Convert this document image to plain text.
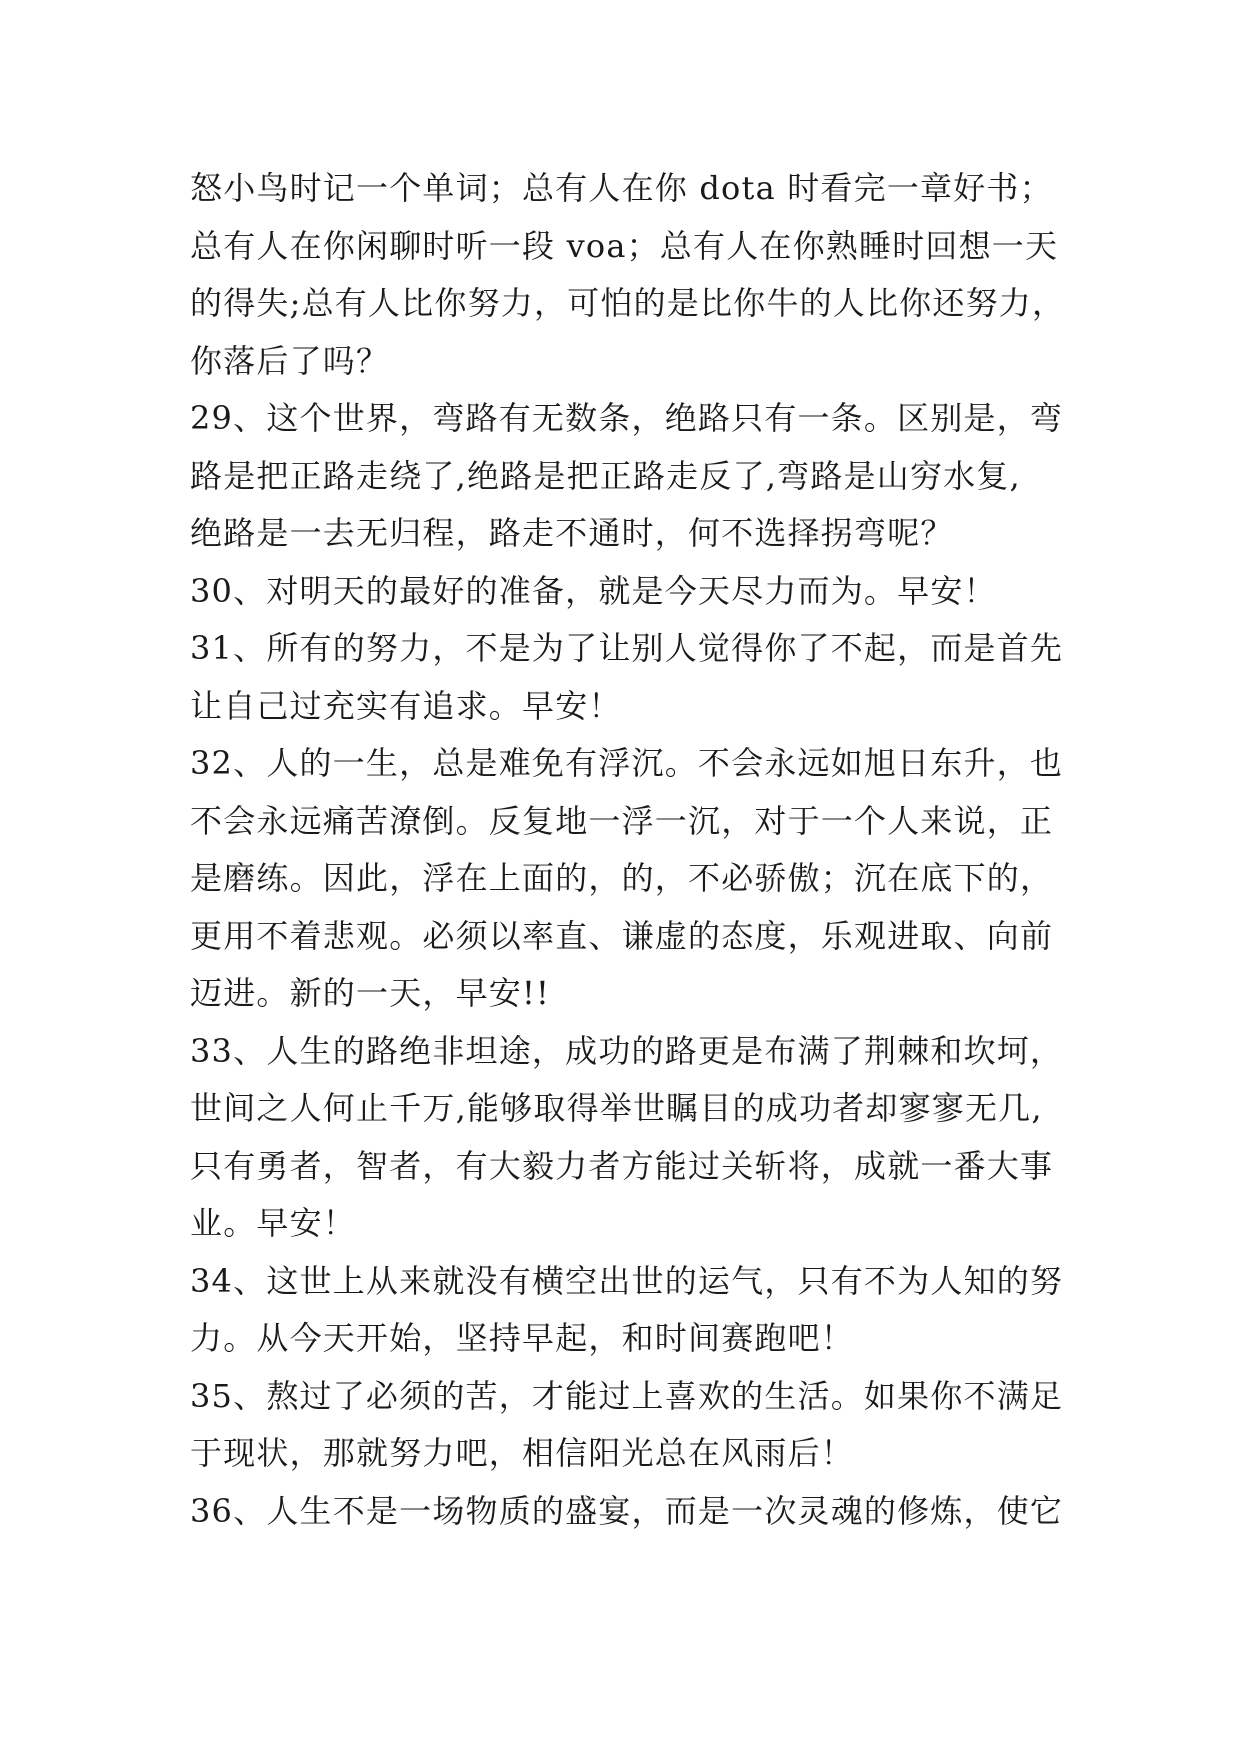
怒小鸟时记一个单词；总有人在你 dota 时看完一章好书；
总有人在你闲聊时听一段 voa；总有人在你熟睡时回想一天
的得失;总有人比你努力，可怕的是比你牛的人比你还努力，
你落后了吗？
29、这个世界，弯路有无数条，绝路只有一条。区别是，弯
路是把正路走绕了,绝路是把正路走反了,弯路是山穷水复,
绝路是一去无归程，路走不通时，何不选择拐弯呢？
30、对明天的最好的准备，就是今天尽力而为。早安！
31、所有的努力，不是为了让别人觉得你了不起，而是首先
让自己过充实有追求。早安！
32、人的一生，总是难免有浮沉。不会永远如旭日东升，也
不会永远痛苦潦倒。反复地一浮一沉，对于一个人来说，正
是磨练。因此，浮在上面的，的，不必骄傲；沉在底下的，
更用不着悲观。必须以率直、谦虚的态度，乐观进取、向前
迈进。新的一天，早安!!
33、人生的路绝非坦途，成功的路更是布满了荆棘和坎坷，
世间之人何止千万,能够取得举世瞩目的成功者却寥寥无几,
只有勇者，智者，有大毅力者方能过关斩将，成就一番大事
业。早安！
34、这世上从来就没有横空出世的运气，只有不为人知的努
力。从今天开始，坚持早起，和时间赛跑吧！
35、熬过了必须的苦，才能过上喜欢的生活。如果你不满足
于现状，那就努力吧，相信阳光总在风雨后！
36、人生不是一场物质的盛宴，而是一次灵魂的修炼，使它
